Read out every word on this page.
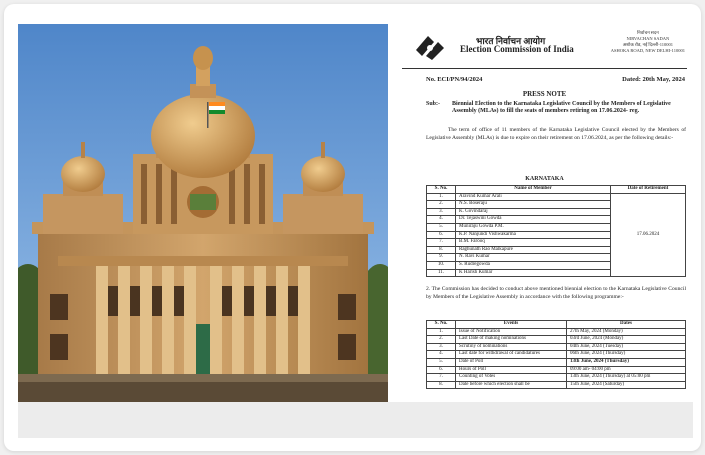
भारत निर्वाचन आयोग
Election Commission of India
निर्वाचन सदन
NIRVACHAN SADAN
अशोक रोड, नई दिल्ली-110001
ASHOKA ROAD, NEW DELHI-110001
No. ECI/PN/94/2024	Dated: 20th May, 2024
PRESS NOTE
Sub:- Biennial Election to the Karnataka Legislative Council by the Members of Legislative Assembly (MLAs) to fill the seats of members retiring on 17.06.2024- reg.
The term of office of 11 members of the Karnataka Legislative Council elected by the Members of Legislative Assembly (MLAs) is due to expire on their retirement on 17.06.2024, as per the following details:-
KARNATAKA
S. No.	Name of Member	Date of Retirement
1.	Aravind Kumar Arali	17.06.2024
2.	N.S. Boseraju	
3.	K. Govindaraj	
4.	Dr. Tejaswini Gowda	
5.	Muniraju Gowda P.M.	
6.	K.P. Nanjundi Vishwakarma	
7.	B.M. Farooq	
8.	Raghunath Rao Malkapure	
9.	N. Ravi Kumar	
10.	S. Rudregowda	
11.	K Harish Kumar	
2. The Commission has decided to conduct above mentioned biennial election to the Karnataka Legislative Council by Members of the Legislative Assembly in accordance with the following programme:-
S. No.	Events	Dates
1.	Issue of Notification	27th May, 2024 (Monday)
2.	Last Date of making nominations	03rd June, 2024 (Monday)
3.	Scrutiny of nominations	04th June, 2024 (Tuesday)
4.	Last date for withdrawal of candidatures	06th June, 2024 (Thursday)
5.	Date of Poll	13th June, 2024 (Thursday)
6.	Hours of Poll	09:00 am- 04:00 pm
7.	Counting of Votes	13th June, 2024 (Thursday) at 05:00 pm
8.	Date before which election shall be	15th June, 2024 (Saturday)
